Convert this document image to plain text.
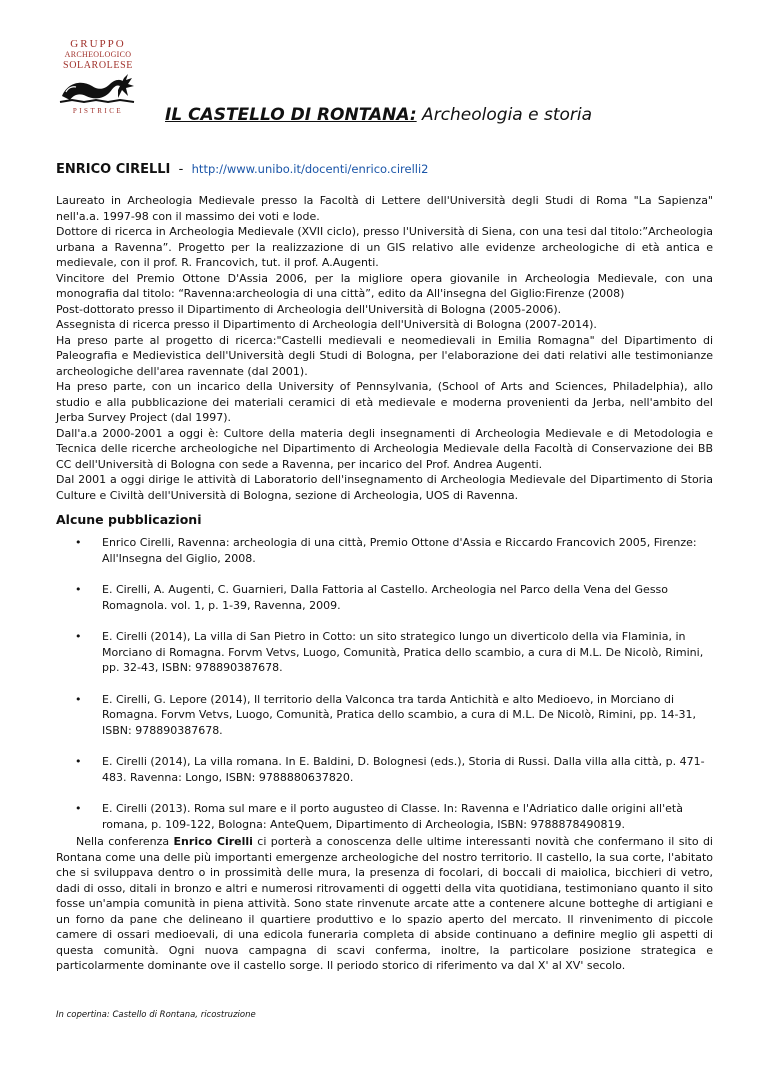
GRUPPO
ARCHEOLOGICO
SOLAROLESE
PISTRICE	IL CASTELLO DI RONTANA: Archeologia e storia
ENRICO CIRELLI  -  http://www.unibo.it/docenti/enrico.cirelli2

Laureato in Archeologia Medievale presso la Facoltà di Lettere dell'Università degli Studi di Roma "La Sapienza" nell'a.a. 1997-98 con il massimo dei voti e lode.

Dottore di ricerca in Archeologia Medievale (XVII ciclo), presso l'Università di Siena, con una tesi dal titolo:”Archeologia urbana a Ravenna”. Progetto per la realizzazione di un GIS relativo alle evidenze archeologiche di età antica e medievale, con il prof. R. Francovich, tut. il prof. A.Augenti.

Vincitore del Premio Ottone D'Assia 2006, per la migliore opera giovanile in Archeologia Medievale, con una monografia dal titolo: “Ravenna:archeologia di una città”, edito da All'insegna del Giglio:Firenze (2008)

Post-dottorato presso il Dipartimento di Archeologia dell'Università di Bologna (2005-2006).

Assegnista di ricerca presso il Dipartimento di Archeologia dell'Università di Bologna (2007-2014).

Ha preso parte al progetto di ricerca:"Castelli medievali e neomedievali in Emilia Romagna" del Dipartimento di Paleografia e Medievistica dell'Università degli Studi di Bologna, per l'elaborazione dei dati relativi alle testimonianze archeologiche dell'area ravennate (dal 2001).

Ha preso parte, con un incarico della University of Pennsylvania, (School of Arts and Sciences, Philadelphia), allo studio e alla pubblicazione dei materiali ceramici di età medievale e moderna provenienti da Jerba, nell'ambito del Jerba Survey Project (dal 1997).

Dall'a.a 2000-2001 a oggi è: Cultore della materia degli insegnamenti di Archeologia Medievale e di Metodologia e Tecnica delle ricerche archeologiche nel Dipartimento di Archeologia Medievale della Facoltà di Conservazione dei BB CC dell'Università di Bologna con sede a Ravenna, per incarico del Prof. Andrea Augenti.

Dal 2001 a oggi dirige le attività di Laboratorio dell'insegnamento di Archeologia Medievale del Dipartimento di Storia Culture e Civiltà dell'Università di Bologna, sezione di Archeologia, UOS di Ravenna.

Alcune pubblicazioni
• Enrico Cirelli, Ravenna: archeologia di una città, Premio Ottone d'Assia e Riccardo Francovich 2005, Firenze: All'Insegna del Giglio, 2008.
• E. Cirelli, A. Augenti, C. Guarnieri, Dalla Fattoria al Castello. Archeologia nel Parco della Vena del Gesso Romagnola. vol. 1, p. 1-39, Ravenna, 2009.
• E. Cirelli (2014), La villa di San Pietro in Cotto: un sito strategico lungo un diverticolo della via Flaminia, in Morciano di Romagna. Forvm Vetvs, Luogo, Comunità, Pratica dello scambio, a cura di M.L. De Nicolò, Rimini, pp. 32-43, ISBN: 978890387678.
• E. Cirelli, G. Lepore (2014), Il territorio della Valconca tra tarda Antichità e alto Medioevo, in Morciano di Romagna. Forvm Vetvs, Luogo, Comunità, Pratica dello scambio, a cura di M.L. De Nicolò, Rimini, pp. 14-31, ISBN: 978890387678.
• E. Cirelli (2014), La villa romana. In E. Baldini, D. Bolognesi (eds.), Storia di Russi. Dalla villa alla città, p. 471-483. Ravenna: Longo, ISBN: 9788880637820.
• E. Cirelli (2013). Roma sul mare e il porto augusteo di Classe. In: Ravenna e l'Adriatico dalle origini all'età romana, p. 109-122, Bologna: AnteQuem, Dipartimento di Archeologia, ISBN: 9788878490819.

Nella conferenza Enrico Cirelli ci porterà a conoscenza delle ultime interessanti novità che confermano il sito di Rontana come una delle più importanti emergenze archeologiche del nostro territorio. Il castello, la sua corte, l'abitato che si sviluppava dentro o in prossimità delle mura, la presenza di focolari, di boccali di maiolica, bicchieri di vetro, dadi di osso, ditali in bronzo e altri e numerosi ritrovamenti di oggetti della vita quotidiana, testimoniano quanto il sito fosse un'ampia comunità in piena attività. Sono state rinvenute arcate atte a contenere alcune botteghe di artigiani e un forno da pane che delineano il quartiere produttivo e lo spazio aperto del mercato. Il rinvenimento di piccole camere di ossari medioevali, di una edicola funeraria completa di abside continuano a definire meglio gli aspetti di questa comunità. Ogni nuova campagna di scavi conferma, inoltre, la particolare posizione strategica e particolarmente dominante ove il castello sorge. Il periodo storico di riferimento va dal X' al XV' secolo.

In copertina: Castello di Rontana, ricostruzione
